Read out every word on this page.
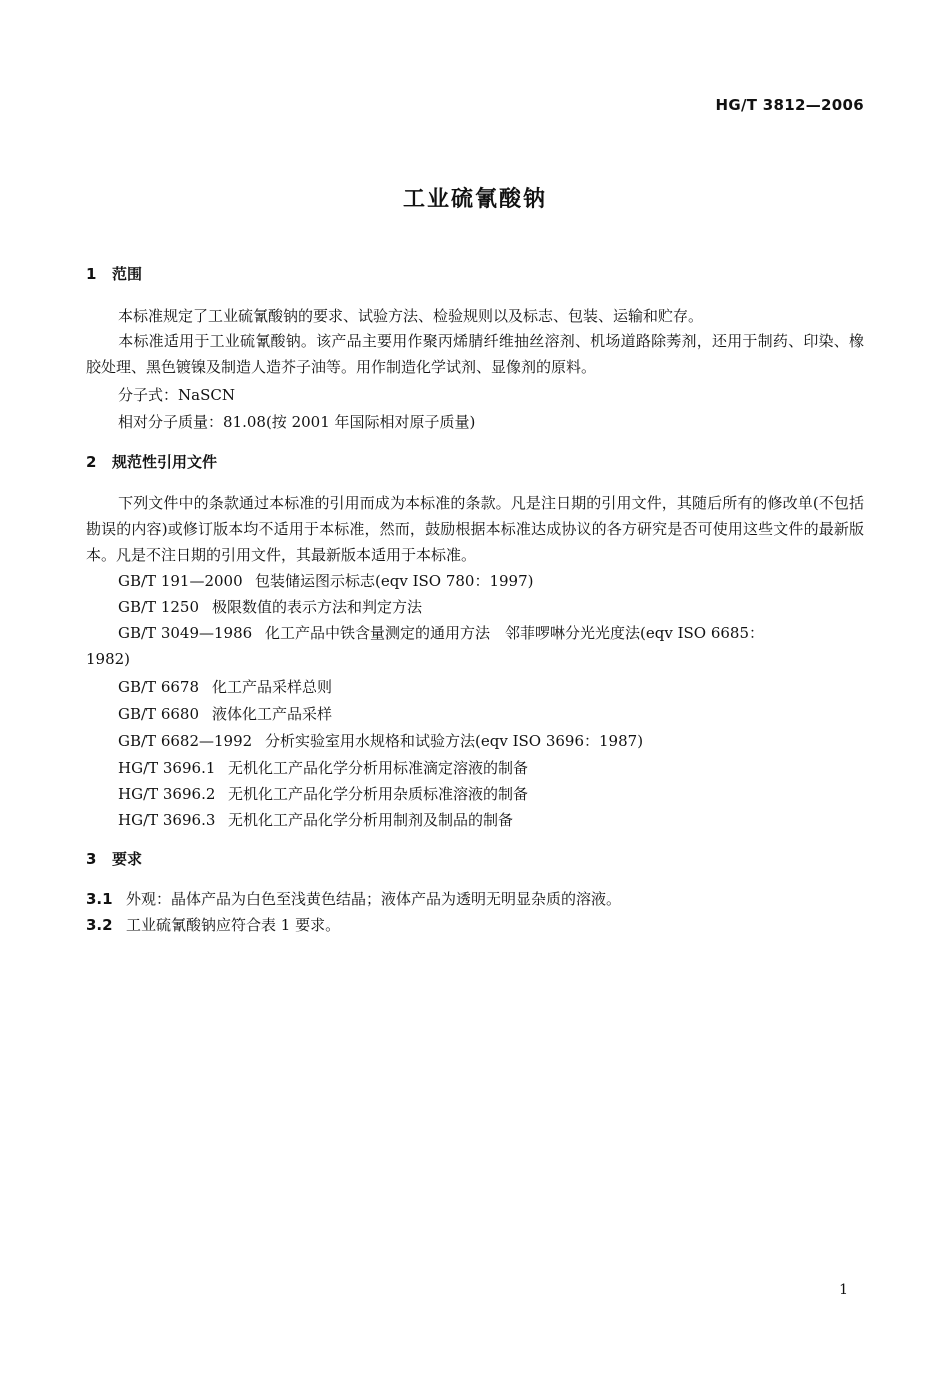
HG/T 3812—2006
工业硫氰酸钠
1 范围
本标准规定了工业硫氰酸钠的要求、试验方法、检验规则以及标志、包装、运输和贮存。
本标准适用于工业硫氰酸钠。该产品主要用作聚丙烯腈纤维抽丝溶剂、机场道路除莠剂，还用于制药、印染、橡胶处理、黑色镀镍及制造人造芥子油等。用作制造化学试剂、显像剂的原料。
分子式：NaSCN
相对分子质量：81.08(按 2001 年国际相对原子质量)
2 规范性引用文件
下列文件中的条款通过本标准的引用而成为本标准的条款。凡是注日期的引用文件，其随后所有的修改单(不包括勘误的内容)或修订版本均不适用于本标准，然而，鼓励根据本标准达成协议的各方研究是否可使用这些文件的最新版本。凡是不注日期的引用文件，其最新版本适用于本标准。
GB/T 191—2000 包装储运图示标志(eqv ISO 780：1997)
GB/T 1250 极限数值的表示方法和判定方法
GB/T 3049—1986 化工产品中铁含量测定的通用方法　邻菲啰啉分光光度法(eqv ISO 6685：
1982)
GB/T 6678 化工产品采样总则
GB/T 6680 液体化工产品采样
GB/T 6682—1992 分析实验室用水规格和试验方法(eqv ISO 3696：1987)
HG/T 3696.1 无机化工产品化学分析用标准滴定溶液的制备
HG/T 3696.2 无机化工产品化学分析用杂质标准溶液的制备
HG/T 3696.3 无机化工产品化学分析用制剂及制品的制备
3 要求
3.1 外观：晶体产品为白色至浅黄色结晶；液体产品为透明无明显杂质的溶液。
3.2 工业硫氰酸钠应符合表 1 要求。
1
